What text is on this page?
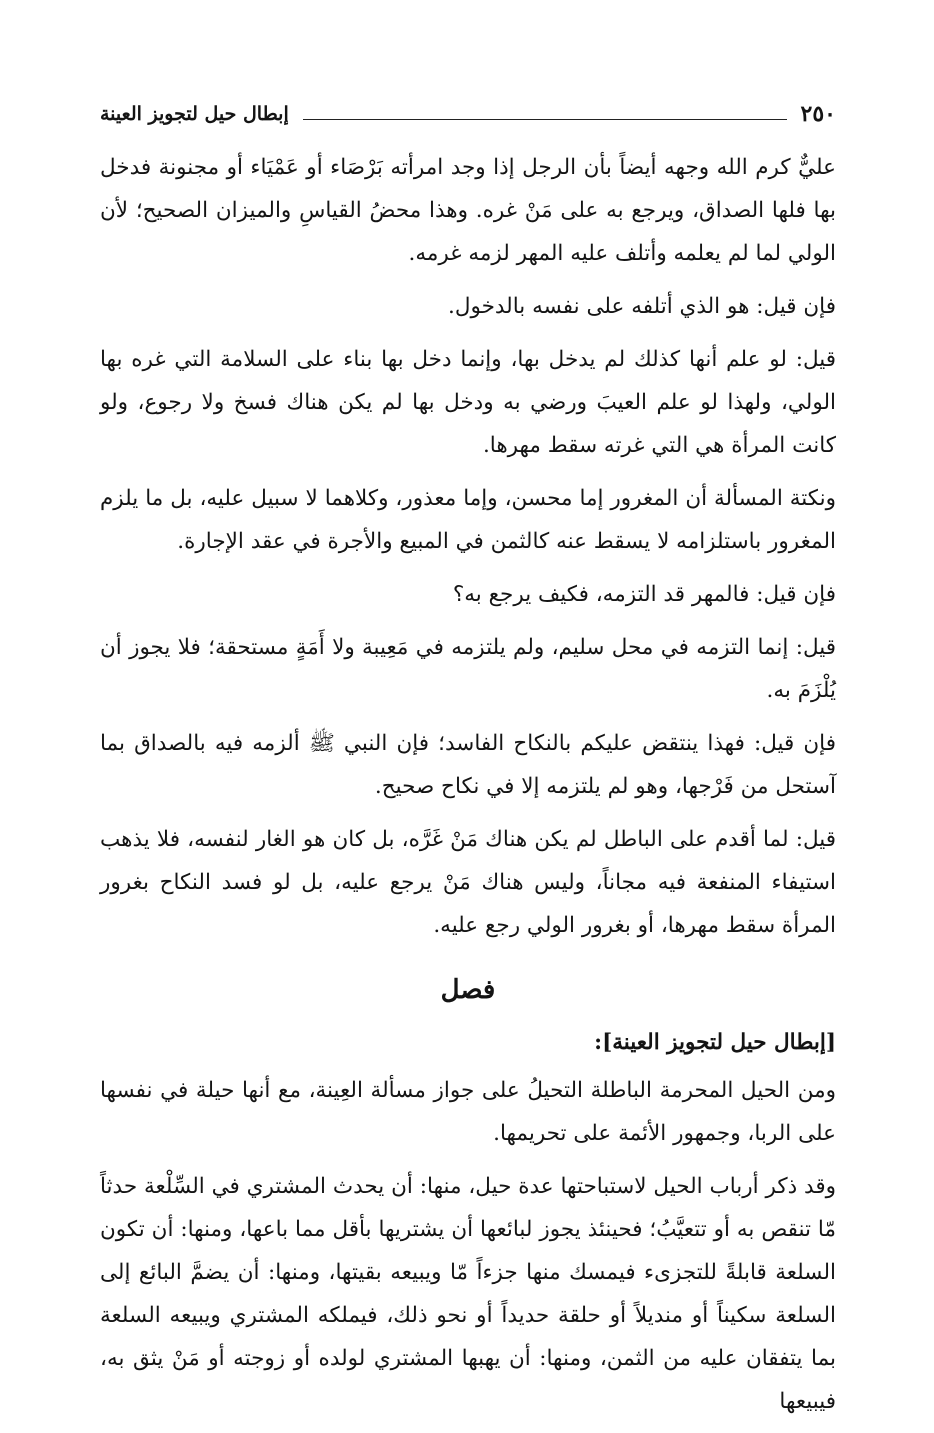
٢٥٠
إبطال حيل لتجويز العينة

عليٌّ كرم الله وجهه أيضاً بأن الرجل إذا وجد امرأته بَرْصَاء أو عَمْيَاء أو مجنونة فدخل بها فلها الصداق، ويرجع به على مَنْ غره. وهذا محضُ القياسِ والميزان الصحيح؛ لأن الولي لما لم يعلمه وأتلف عليه المهر لزمه غرمه.

فإن قيل: هو الذي أتلفه على نفسه بالدخول.

قيل: لو علم أنها كذلك لم يدخل بها، وإنما دخل بها بناء على السلامة التي غره بها الولي، ولهذا لو علم العيبَ ورضي به ودخل بها لم يكن هناك فسخ ولا رجوع، ولو كانت المرأة هي التي غرته سقط مهرها.

ونكتة المسألة أن المغرور إما محسن، وإما معذور، وكلاهما لا سبيل عليه، بل ما يلزم المغرور باستلزامه لا يسقط عنه كالثمن في المبيع والأجرة في عقد الإجارة.

فإن قيل: فالمهر قد التزمه، فكيف يرجع به؟

قيل: إنما التزمه في محل سليم، ولم يلتزمه في مَعِيبة ولا أَمَةٍ مستحقة؛ فلا يجوز أن يُلْزَمَ به.

فإن قيل: فهذا ينتقض عليكم بالنكاح الفاسد؛ فإن النبي ﷺ ألزمه فيه بالصداق بما آستحل من فَرْجها، وهو لم يلتزمه إلا في نكاح صحيح.

قيل: لما أقدم على الباطل لم يكن هناك مَنْ غَرَّه، بل كان هو الغار لنفسه، فلا يذهب استيفاء المنفعة فيه مجاناً، وليس هناك مَنْ يرجع عليه، بل لو فسد النكاح بغرور المرأة سقط مهرها، أو بغرور الولي رجع عليه.

فصل
[إبطال حيل لتجويز العينة]:

ومن الحيل المحرمة الباطلة التحيلُ على جواز مسألة العِينة، مع أنها حيلة في نفسها على الربا، وجمهور الأئمة على تحريمها.

وقد ذكر أرباب الحيل لاستباحتها عدة حيل، منها: أن يحدث المشتري في السِّلْعة حدثاً مّا تنقص به أو تتعيَّبُ؛ فحينئذ يجوز لبائعها أن يشتريها بأقل مما باعها، ومنها: أن تكون السلعة قابلةً للتجزىء فيمسك منها جزءاً مّا ويبيعه بقيتها، ومنها: أن يضمَّ البائع إلى السلعة سكيناً أو منديلاً أو حلقة حديداً أو نحو ذلك، فيملكه المشتري ويبيعه السلعة بما يتفقان عليه من الثمن، ومنها: أن يهبها المشتري لولده أو زوجته أو مَنْ يثق به، فيبيعها
